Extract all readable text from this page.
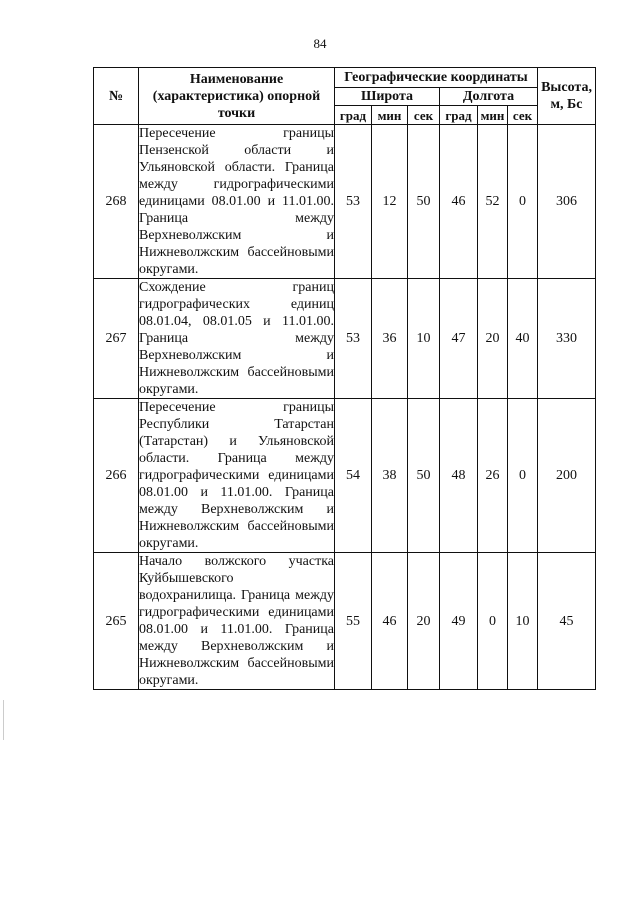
84
№	Наименование (характеристика) опорной точки	Географические координаты						Высота, м, Бс
		Широта			Долгота			
		град	мин	сек	град	мин	сек	
268	Пересечение границы Пензенской области и Ульяновской области. Граница между гидрографическими единицами 08.01.00 и 11.01.00. Граница между Верхневолжским и Нижневолжским бассейновыми округами.	53	12	50	46	52	0	306
267	Схождение границ гидрографических единиц 08.01.04, 08.01.05 и 11.01.00. Граница между Верхневолжским и Нижневолжским бассейновыми округами.	53	36	10	47	20	40	330
266	Пересечение границы Республики Татарстан (Татарстан) и Ульяновской области. Граница между гидрографическими единицами 08.01.00 и 11.01.00. Граница между Верхневолжским и Нижневолжским бассейновыми округами.	54	38	50	48	26	0	200
265	Начало волжского участка Куйбышевского водохранилища. Граница между гидрографическими единицами 08.01.00 и 11.01.00. Граница между Верхневолжским и Нижневолжским бассейновыми округами.	55	46	20	49	0	10	45
